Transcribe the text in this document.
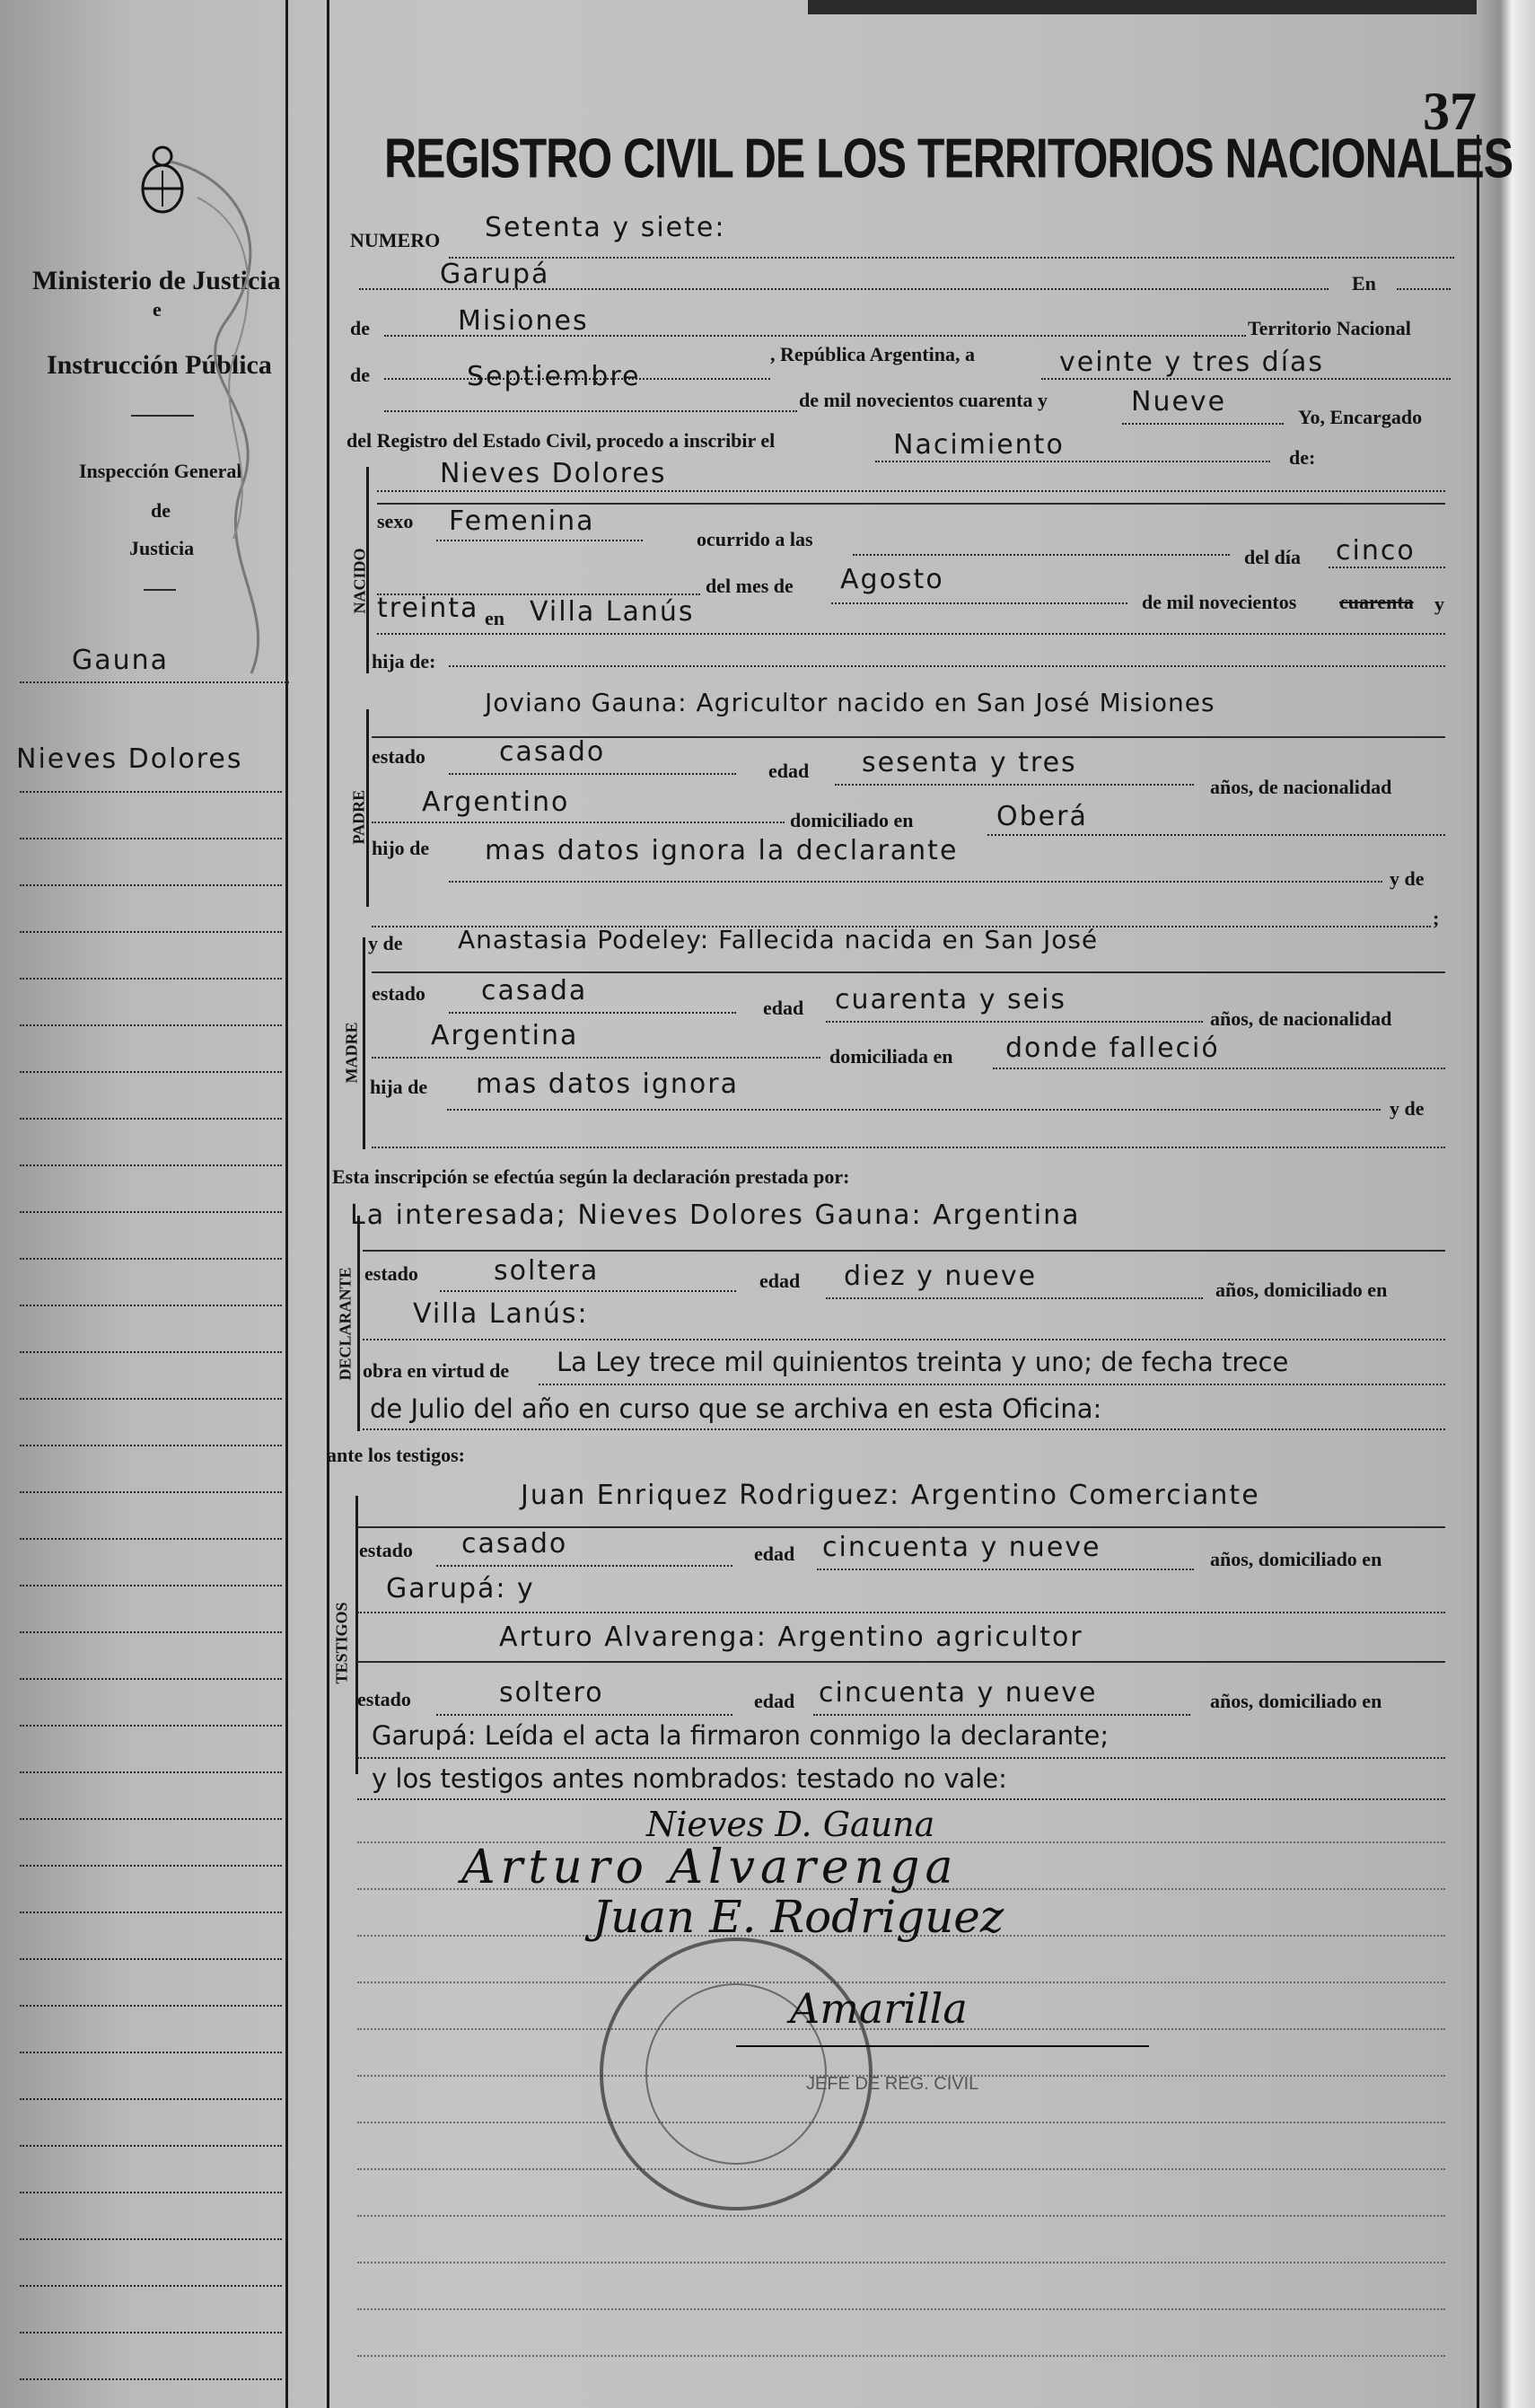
Ministerio de Justicia
e
Instrucción Pública
Inspección General
de
Justicia
Gauna
Nieves Dolores
37
REGISTRO CIVIL DE LOS TERRITORIOS NACIONALES
NUMERO Setenta y siete:
Garupá	En
de	Misiones	Territorio Nacional
de
, República Argentina, a	veinte y tres días
Septiembre
de mil novecientos cuarenta y	Nueve	Yo, Encargado
del Registro del Estado Civil, procedo a inscribir el	Nacimiento	de:
NACIDO
Nieves Dolores
sexo Femenina
ocurrido a las
del día cinco
del mes de Agosto
de mil novecientos cuarenta y
treinta en Villa Lanús
hija de:
PADRE
Joviano Gauna: Agricultor nacido en San José Misiones
estado	casado
edad sesenta y tres
años, de nacionalidad
Argentino
domiciliado en	Oberá
hijo de mas datos ignora la declarante
y de
;
MADRE
y de Anastasia Podeley: Fallecida nacida en San José
estado casada
edad cuarenta y seis
años, de nacionalidad
Argentina
domiciliada en donde falleció
hija de mas datos ignora
y de
Esta inscripción se efectúa según la declaración prestada por:
DECLARANTE
La interesada; Nieves Dolores Gauna: Argentina
estado	soltera	edad diez y nueve	años, domiciliado en
Villa Lanús:
obra en virtud de La Ley trece mil quinientos treinta y uno; de fecha trece
de Julio del año en curso que se archiva en esta Oficina:
ante los testigos:
TESTIGOS
Juan Enriquez Rodriguez: Argentino Comerciante
estado casado	edad cincuenta y nueve	años, domiciliado en
Garupá: y
Arturo Alvarenga: Argentino agricultor
estado	soltero	edad cincuenta y nueve	años, domiciliado en
Garupá: Leída el acta la firmaron conmigo la declarante;
y los testigos antes nombrados: testado no vale:
Nieves D. Gauna
Arturo Alvarenga
Juan E. Rodriguez
Amarilla
JEFE DE REG. CIVIL
